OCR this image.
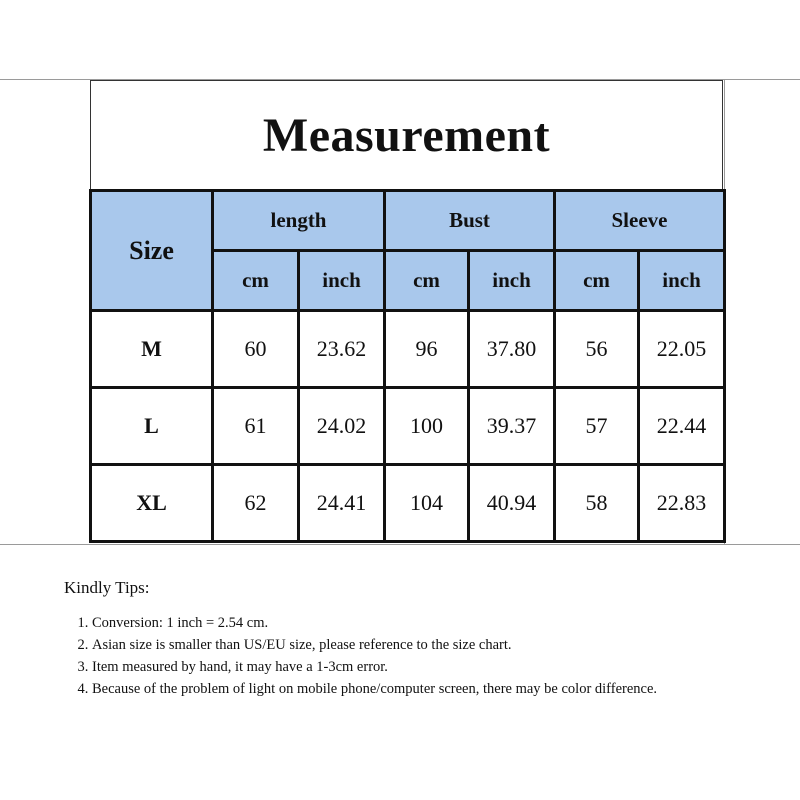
Measurement
Size	length		Bust		Sleeve	
	cm	inch	cm	inch	cm	inch
M	60	23.62	96	37.80	56	22.05
L	61	24.02	100	39.37	57	22.44
XL	62	24.41	104	40.94	58	22.83
Kindly Tips:
1. Conversion: 1 inch = 2.54 cm.
2. Asian size is smaller than US/EU size, please reference to the size chart.
3. Item measured by hand, it may have a 1-3cm error.
4. Because of the problem of light on mobile phone/computer screen, there may be color difference.
